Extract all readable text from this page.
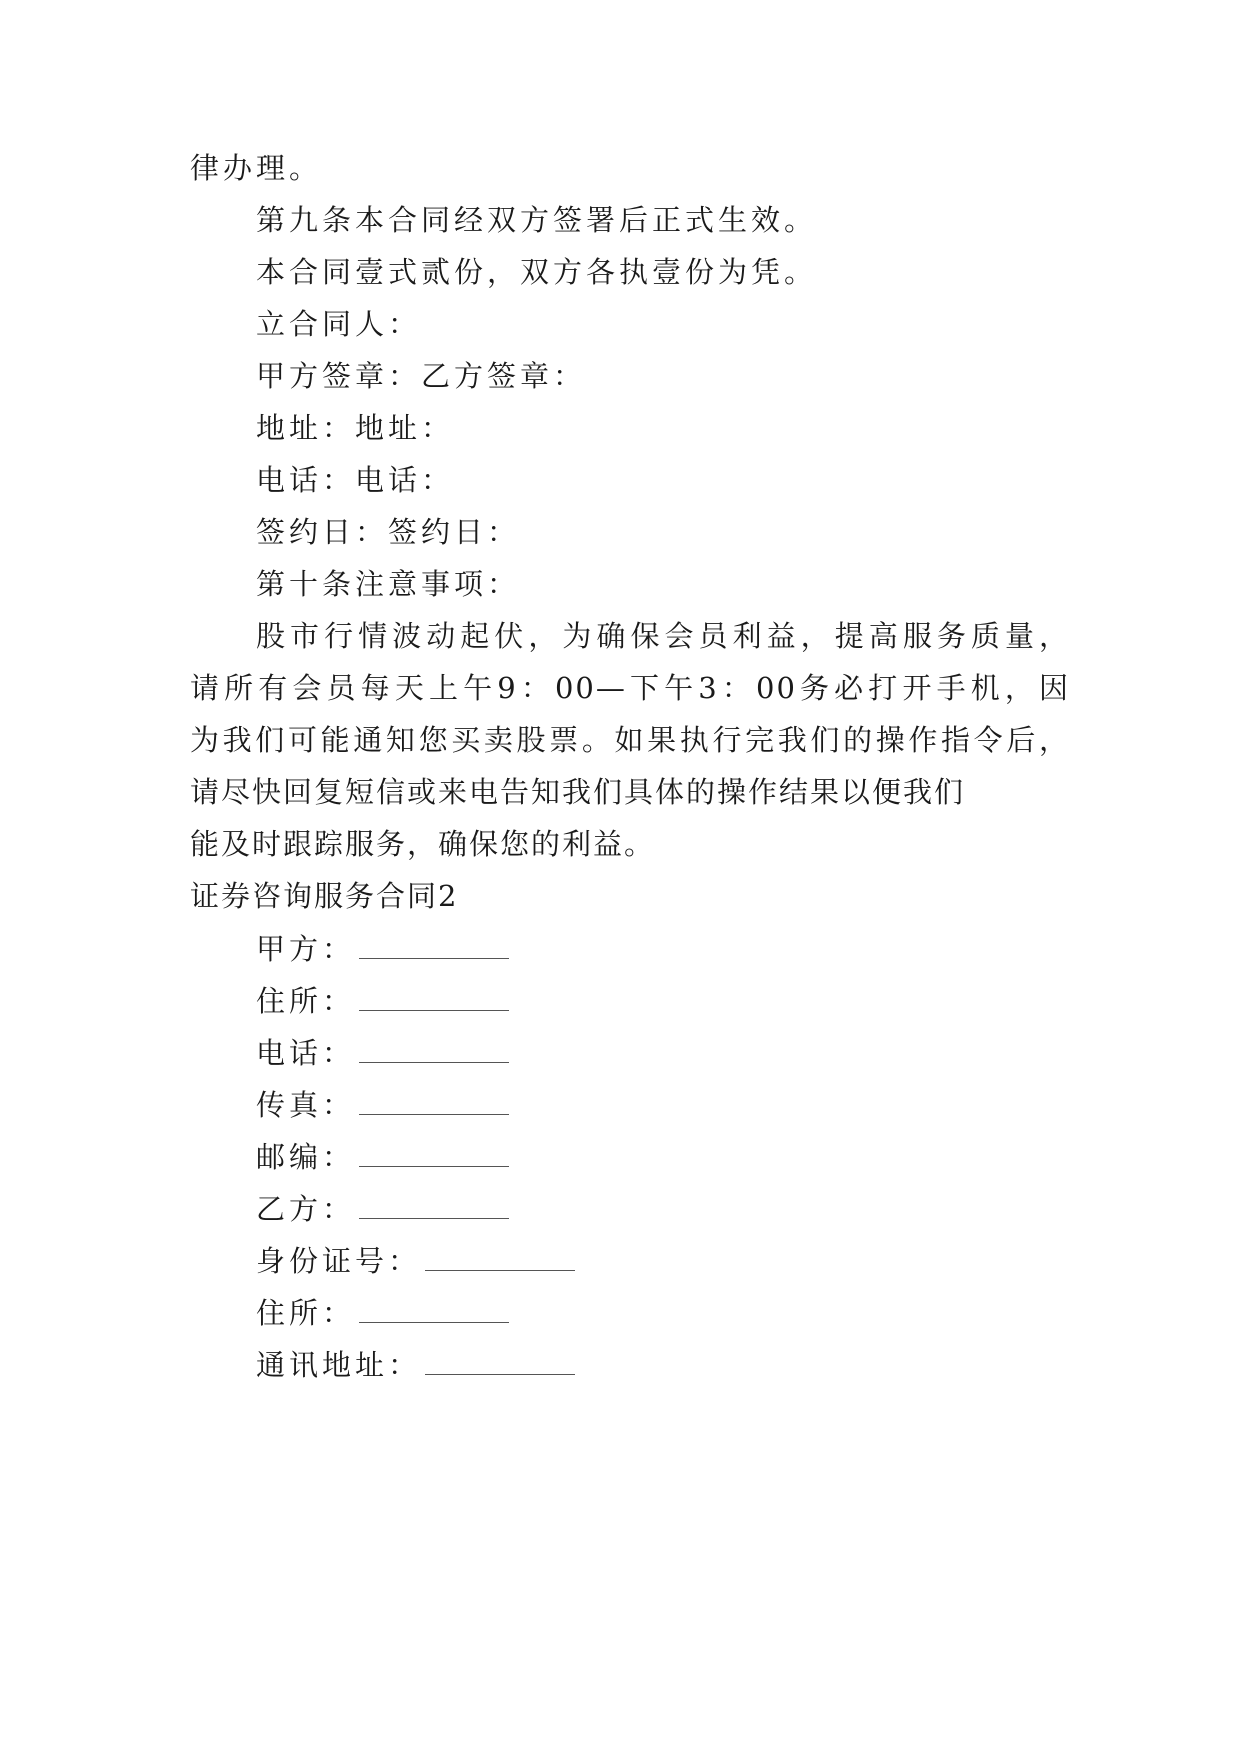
律办理。
第九条本合同经双方签署后正式生效。
本合同壹式贰份，双方各执壹份为凭。
立合同人：
甲方签章：乙方签章：
地址：地址：
电话：电话：
签约日：签约日：
第十条注意事项：
股市行情波动起伏，为确保会员利益，提高服务质量，
请所有会员每天上午9：00—下午3：00务必打开手机，因
为我们可能通知您买卖股票。如果执行完我们的操作指令后，
请尽快回复短信或来电告知我们具体的操作结果以便我们
能及时跟踪服务，确保您的利益。
证券咨询服务合同2
甲方：
住所：
电话：
传真：
邮编：
乙方：
身份证号：
住所：
通讯地址：
